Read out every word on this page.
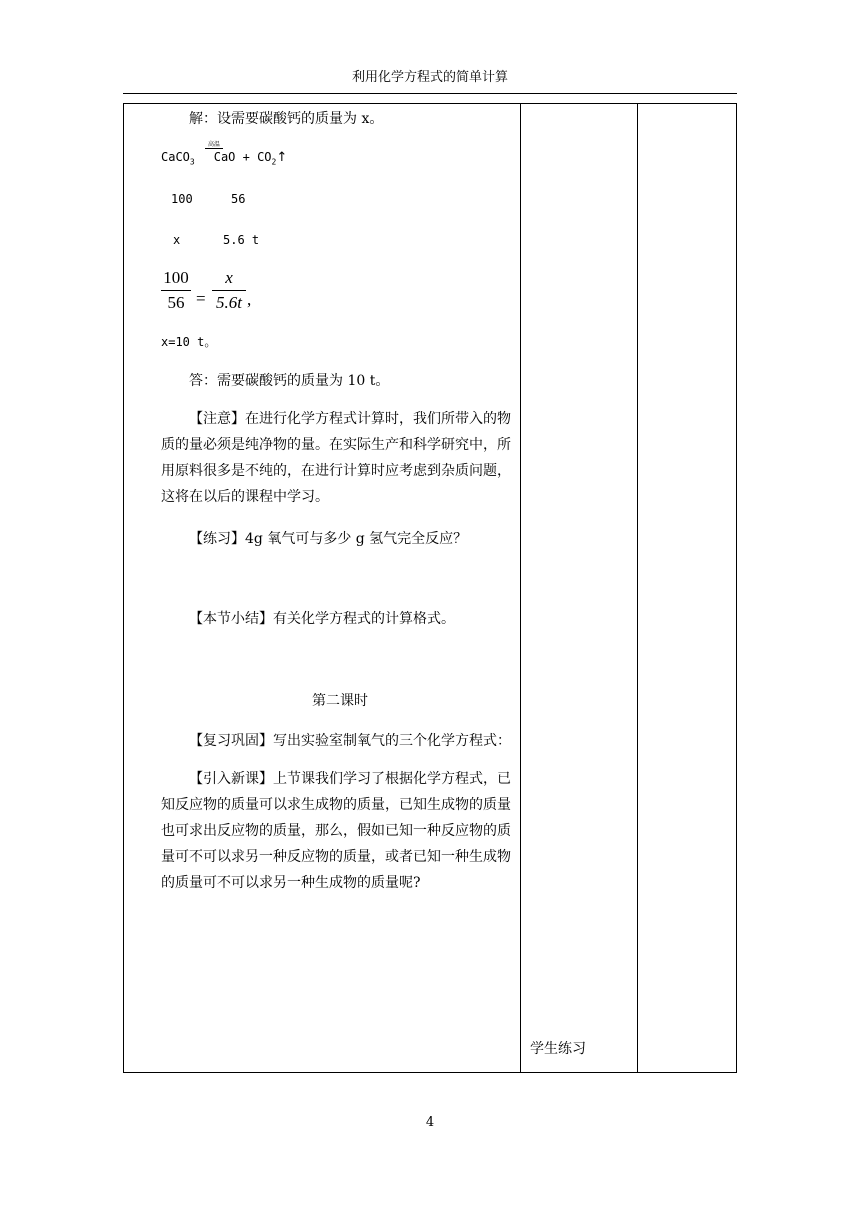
利用化学方程式的简单计算
解：设需要碳酸钙的质量为 x。
CaCO$_3$ CaO + $CO_2↑$
高温
100	56
x	5.6 t
100
56 =
x
5.6t ,
x=10 t。
答：需要碳酸钙的质量为 10 t。
【注意】在进行化学方程式计算时，我们所带入的物质的量必须是纯净物的量。在实际生产和科学研究中，所用原料很多是不纯的，在进行计算时应考虑到杂质问题，这将在以后的课程中学习。
【练习】4g 氧气可与多少 g 氢气完全反应？
【本节小结】有关化学方程式的计算格式。
第二课时
【复习巩固】写出实验室制氧气的三个化学方程式：
【引入新课】上节课我们学习了根据化学方程式，已知反应物的质量可以求生成物的质量，已知生成物的质量也可求出反应物的质量，那么，假如已知一种反应物的质量可不可以求另一种反应物的质量，或者已知一种生成物的质量可不可以求另一种生成物的质量呢?
学生练习
4
